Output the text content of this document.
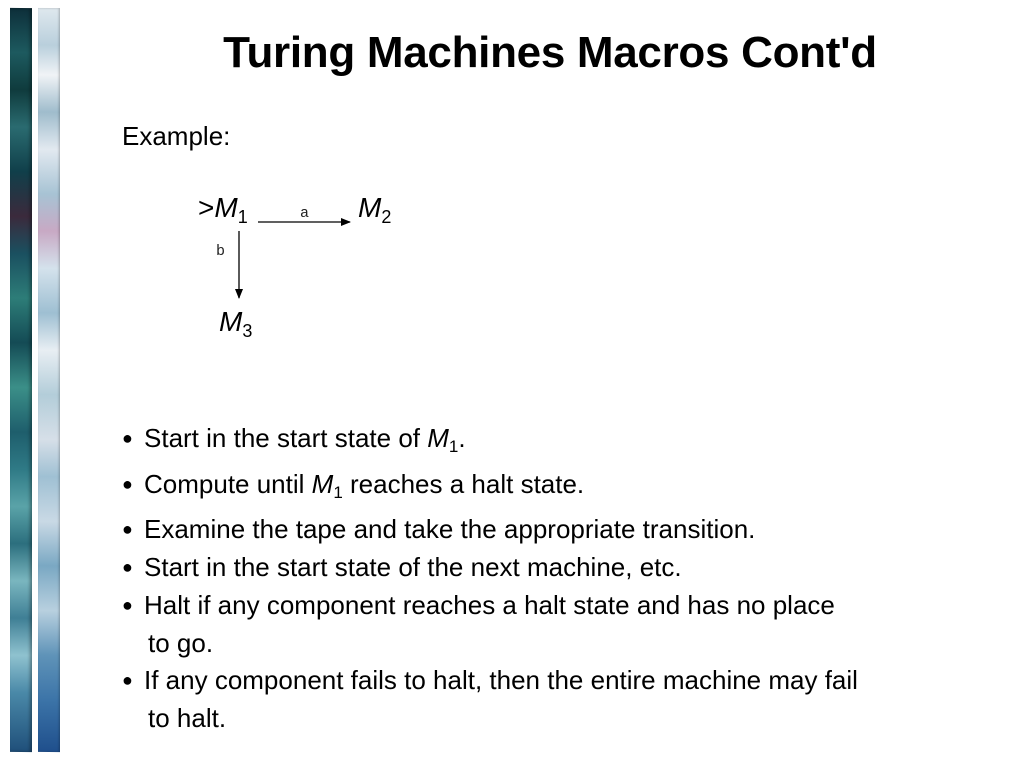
Turing Machines Macros Cont'd
Example:
$>M_1$	$M_2$
$M_3$
a
b
● Start in the start state of $M_1$.
● Compute until $M_1$ reaches a halt state.
● Examine the tape and take the appropriate transition.
● Start in the start state of the next machine, etc.
● Halt if any component reaches a halt state and has no place
to go.
● If any component fails to halt, then the entire machine may fail
to halt.
